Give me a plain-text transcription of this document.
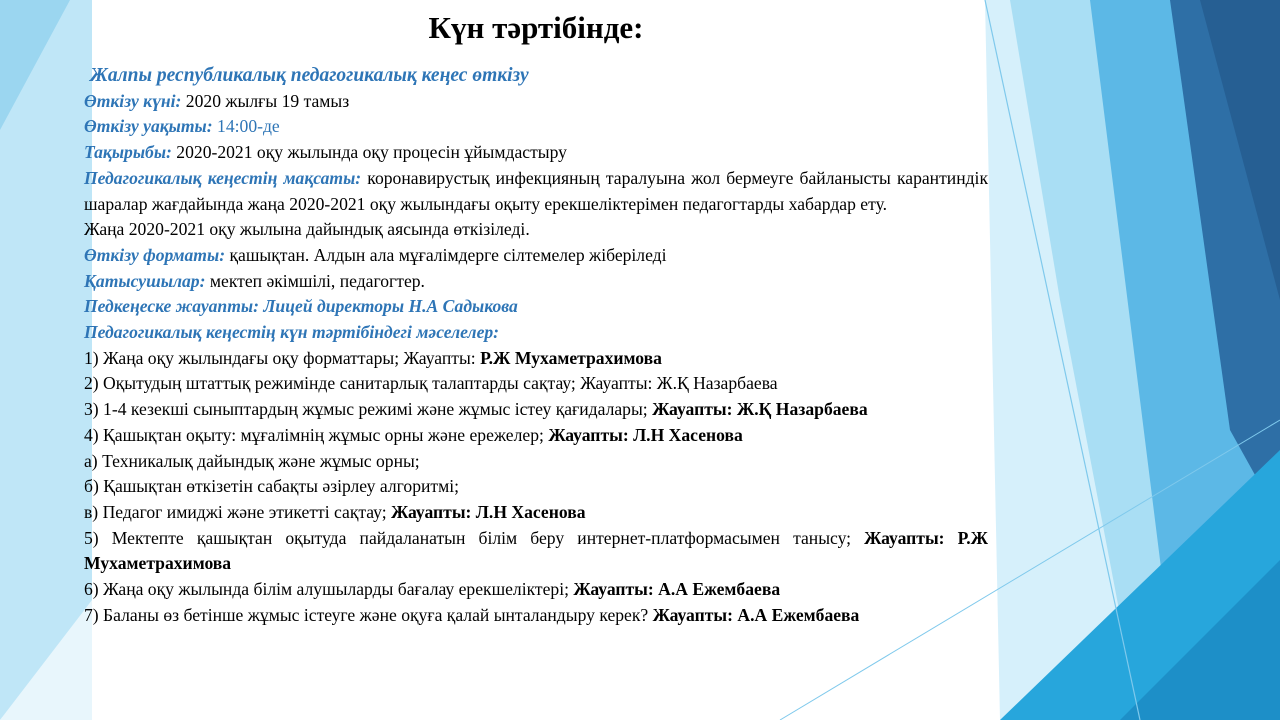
Күн тәртібінде:

Жалпы республикалық педагогикалық кеңес өткізу

Өткізу күні: 2020 жылғы 19 тамыз

Өткізу уақыты: 14:00-де

Тақырыбы: 2020-2021 оқу жылында оқу процесін ұйымдастыру

Педагогикалық кеңестің мақсаты: коронавирустық инфекцияның таралуына жол бермеуге байланысты карантиндік шаралар жағдайында жаңа 2020-2021 оқу жылындағы оқыту ерекшеліктерімен педагогтарды хабардар ету.

Жаңа 2020-2021 оқу жылына дайындық аясында өткізіледі.

Өткізу форматы: қашықтан. Алдын ала мұғалімдерге сілтемелер жіберіледі

Қатысушылар: мектеп әкімшілі, педагогтер.

Педкеңеске жауапты: Лицей директоры Н.А Садыкова

Педагогикалық кеңестің күн тәртібіндегі мәселелер:

1) Жаңа оқу жылындағы оқу форматтары; Жауапты: Р.Ж Мухаметрахимова

2) Оқытудың штаттық режимінде санитарлық талаптарды сақтау; Жауапты: Ж.Қ Назарбаева

3) 1-4 кезекші сыныптардың жұмыс режимі және жұмыс істеу қағидалары; Жауапты: Ж.Қ Назарбаева

4) Қашықтан оқыту: мұғалімнің жұмыс орны және ережелер; Жауапты: Л.Н Хасенова

а) Техникалық дайындық және жұмыс орны;

б) Қашықтан өткізетін сабақты әзірлеу алгоритмі;

в) Педагог имиджі және этикетті сақтау; Жауапты: Л.Н Хасенова

5) Мектепте қашықтан оқытуда пайдаланатын білім беру интернет-платформасымен танысу; Жауапты: Р.Ж Мухаметрахимова

6) Жаңа оқу жылында білім алушыларды бағалау ерекшеліктері; Жауапты: А.А Ежембаева

7) Баланы өз бетінше жұмыс істеуге және оқуға қалай ынталандыру керек? Жауапты: А.А Ежембаева
